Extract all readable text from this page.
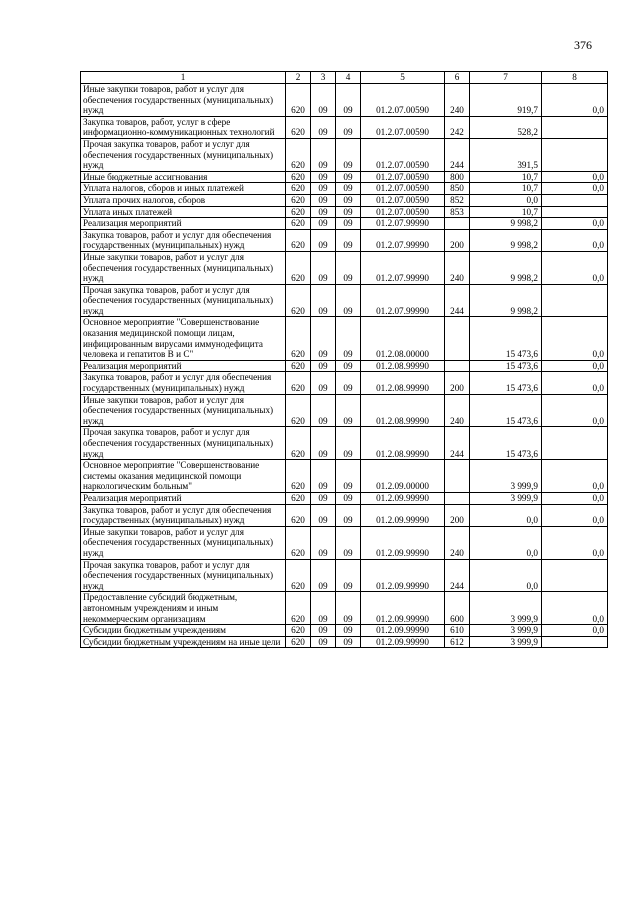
376
1	2	3	4	5	6	7	8
Иные закупки товаров, работ и услуг для обеспечения государственных (муниципальных) нужд	620	09	09	01.2.07.00590	240	919,7	0,0
Закупка товаров, работ, услуг в сфере информационно-коммуникационных технологий	620	09	09	01.2.07.00590	242	528,2	
Прочая закупка товаров, работ и услуг для обеспечения государственных (муниципальных) нужд	620	09	09	01.2.07.00590	244	391,5	
Иные бюджетные ассигнования	620	09	09	01.2.07.00590	800	10,7	0,0
Уплата налогов, сборов и иных платежей	620	09	09	01.2.07.00590	850	10,7	0,0
Уплата прочих налогов, сборов	620	09	09	01.2.07.00590	852	0,0	
Уплата иных платежей	620	09	09	01.2.07.00590	853	10,7	
Реализация мероприятий	620	09	09	01.2.07.99990		9 998,2	0,0
Закупка товаров, работ и услуг для обеспечения государственных (муниципальных) нужд	620	09	09	01.2.07.99990	200	9 998,2	0,0
Иные закупки товаров, работ и услуг для обеспечения государственных (муниципальных) нужд	620	09	09	01.2.07.99990	240	9 998,2	0,0
Прочая закупка товаров, работ и услуг для обеспечения государственных (муниципальных) нужд	620	09	09	01.2.07.99990	244	9 998,2	
Основное мероприятие "Совершенствование оказания медицинской помощи лицам, инфицированным вирусами иммунодефицита человека и гепатитов В и С"	620	09	09	01.2.08.00000		15 473,6	0,0
Реализация мероприятий	620	09	09	01.2.08.99990		15 473,6	0,0
Закупка товаров, работ и услуг для обеспечения государственных (муниципальных) нужд	620	09	09	01.2.08.99990	200	15 473,6	0,0
Иные закупки товаров, работ и услуг для обеспечения государственных (муниципальных) нужд	620	09	09	01.2.08.99990	240	15 473,6	0,0
Прочая закупка товаров, работ и услуг для обеспечения государственных (муниципальных) нужд	620	09	09	01.2.08.99990	244	15 473,6	
Основное мероприятие "Совершенствование системы оказания медицинской помощи наркологическим больным"	620	09	09	01.2.09.00000		3 999,9	0,0
Реализация мероприятий	620	09	09	01.2.09.99990		3 999,9	0,0
Закупка товаров, работ и услуг для обеспечения государственных (муниципальных) нужд	620	09	09	01.2.09.99990	200	0,0	0,0
Иные закупки товаров, работ и услуг для обеспечения государственных (муниципальных) нужд	620	09	09	01.2.09.99990	240	0,0	0,0
Прочая закупка товаров, работ и услуг для обеспечения государственных (муниципальных) нужд	620	09	09	01.2.09.99990	244	0,0	
Предоставление субсидий бюджетным, автономным учреждениям и иным некоммерческим организациям	620	09	09	01.2.09.99990	600	3 999,9	0,0
Субсидии бюджетным учреждениям	620	09	09	01.2.09.99990	610	3 999,9	0,0
Субсидии бюджетным учреждениям на иные цели	620	09	09	01.2.09.99990	612	3 999,9	
